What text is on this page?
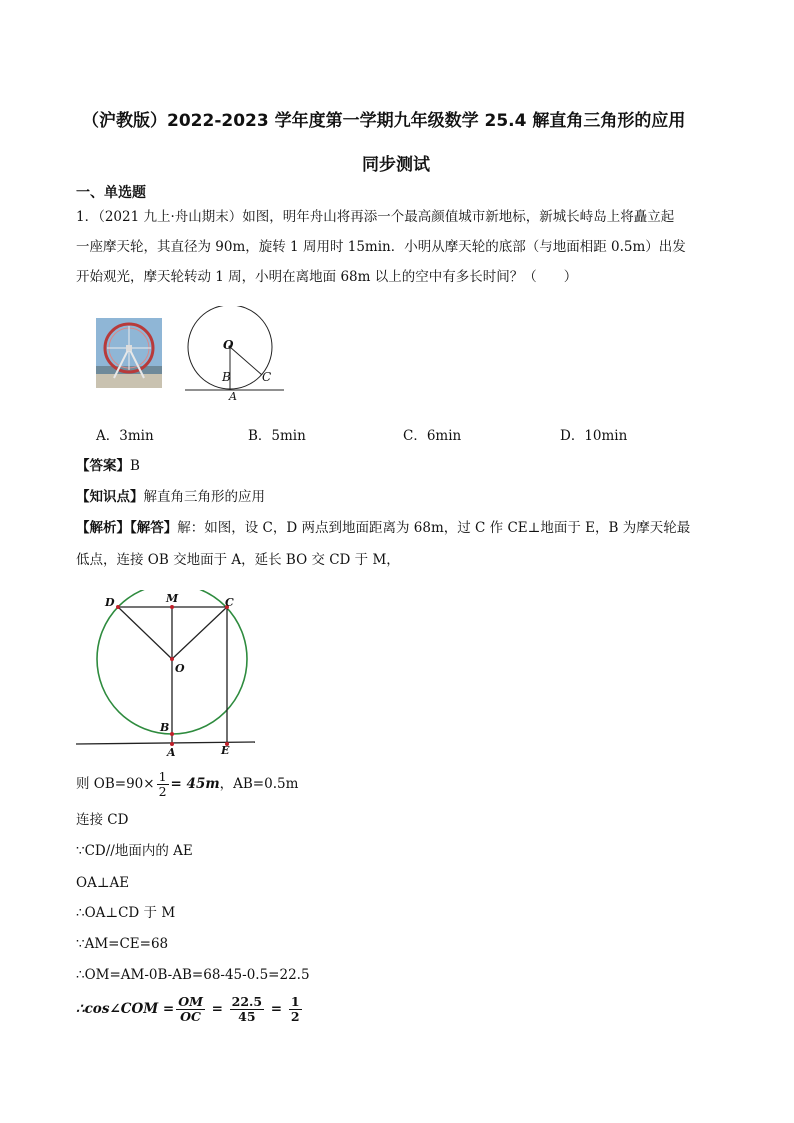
（沪教版）2022-2023 学年度第一学期九年级数学 25.4 解直角三角形的应用
同步测试
一、单选题
1．（2021 九上·舟山期末）如图，明年舟山将再添一个最高颜值城市新地标，新城长峙岛上将矗立起
一座摩天轮，其直径为 90m，旋转 1 周用时 15min．小明从摩天轮的底部（与地面相距 0.5m）出发
开始观光，摩天轮转动 1 周，小明在离地面 68m 以上的空中有多长时间？（　　）
O
B	C
A
A．3min	B．5min	C．6min	D．10min
【答案】B
【知识点】解直角三角形的应用
【解析】【解答】解：如图，设 C，D 两点到地面距离为 68m，过 C 作 CE⊥地面于 E，B 为摩天轮最
低点，连接 OB 交地面于 A，延长 BO 交 CD 于 M，
D	M	C
O
B
A	E
则 $OB=90\times \frac{1}{2} = 45m$，AB=0.5m
连接 CD
∵CD//地面内的 AE
OA⊥AE
∴OA⊥CD 于 M
∵AM=CE=68
∴OM=AM-0B-AB=68-45-0.5=22.5
∴cos∠COM = $\frac{OM}{OC} = \frac{22.5}{45} = \frac{1}{2}$
